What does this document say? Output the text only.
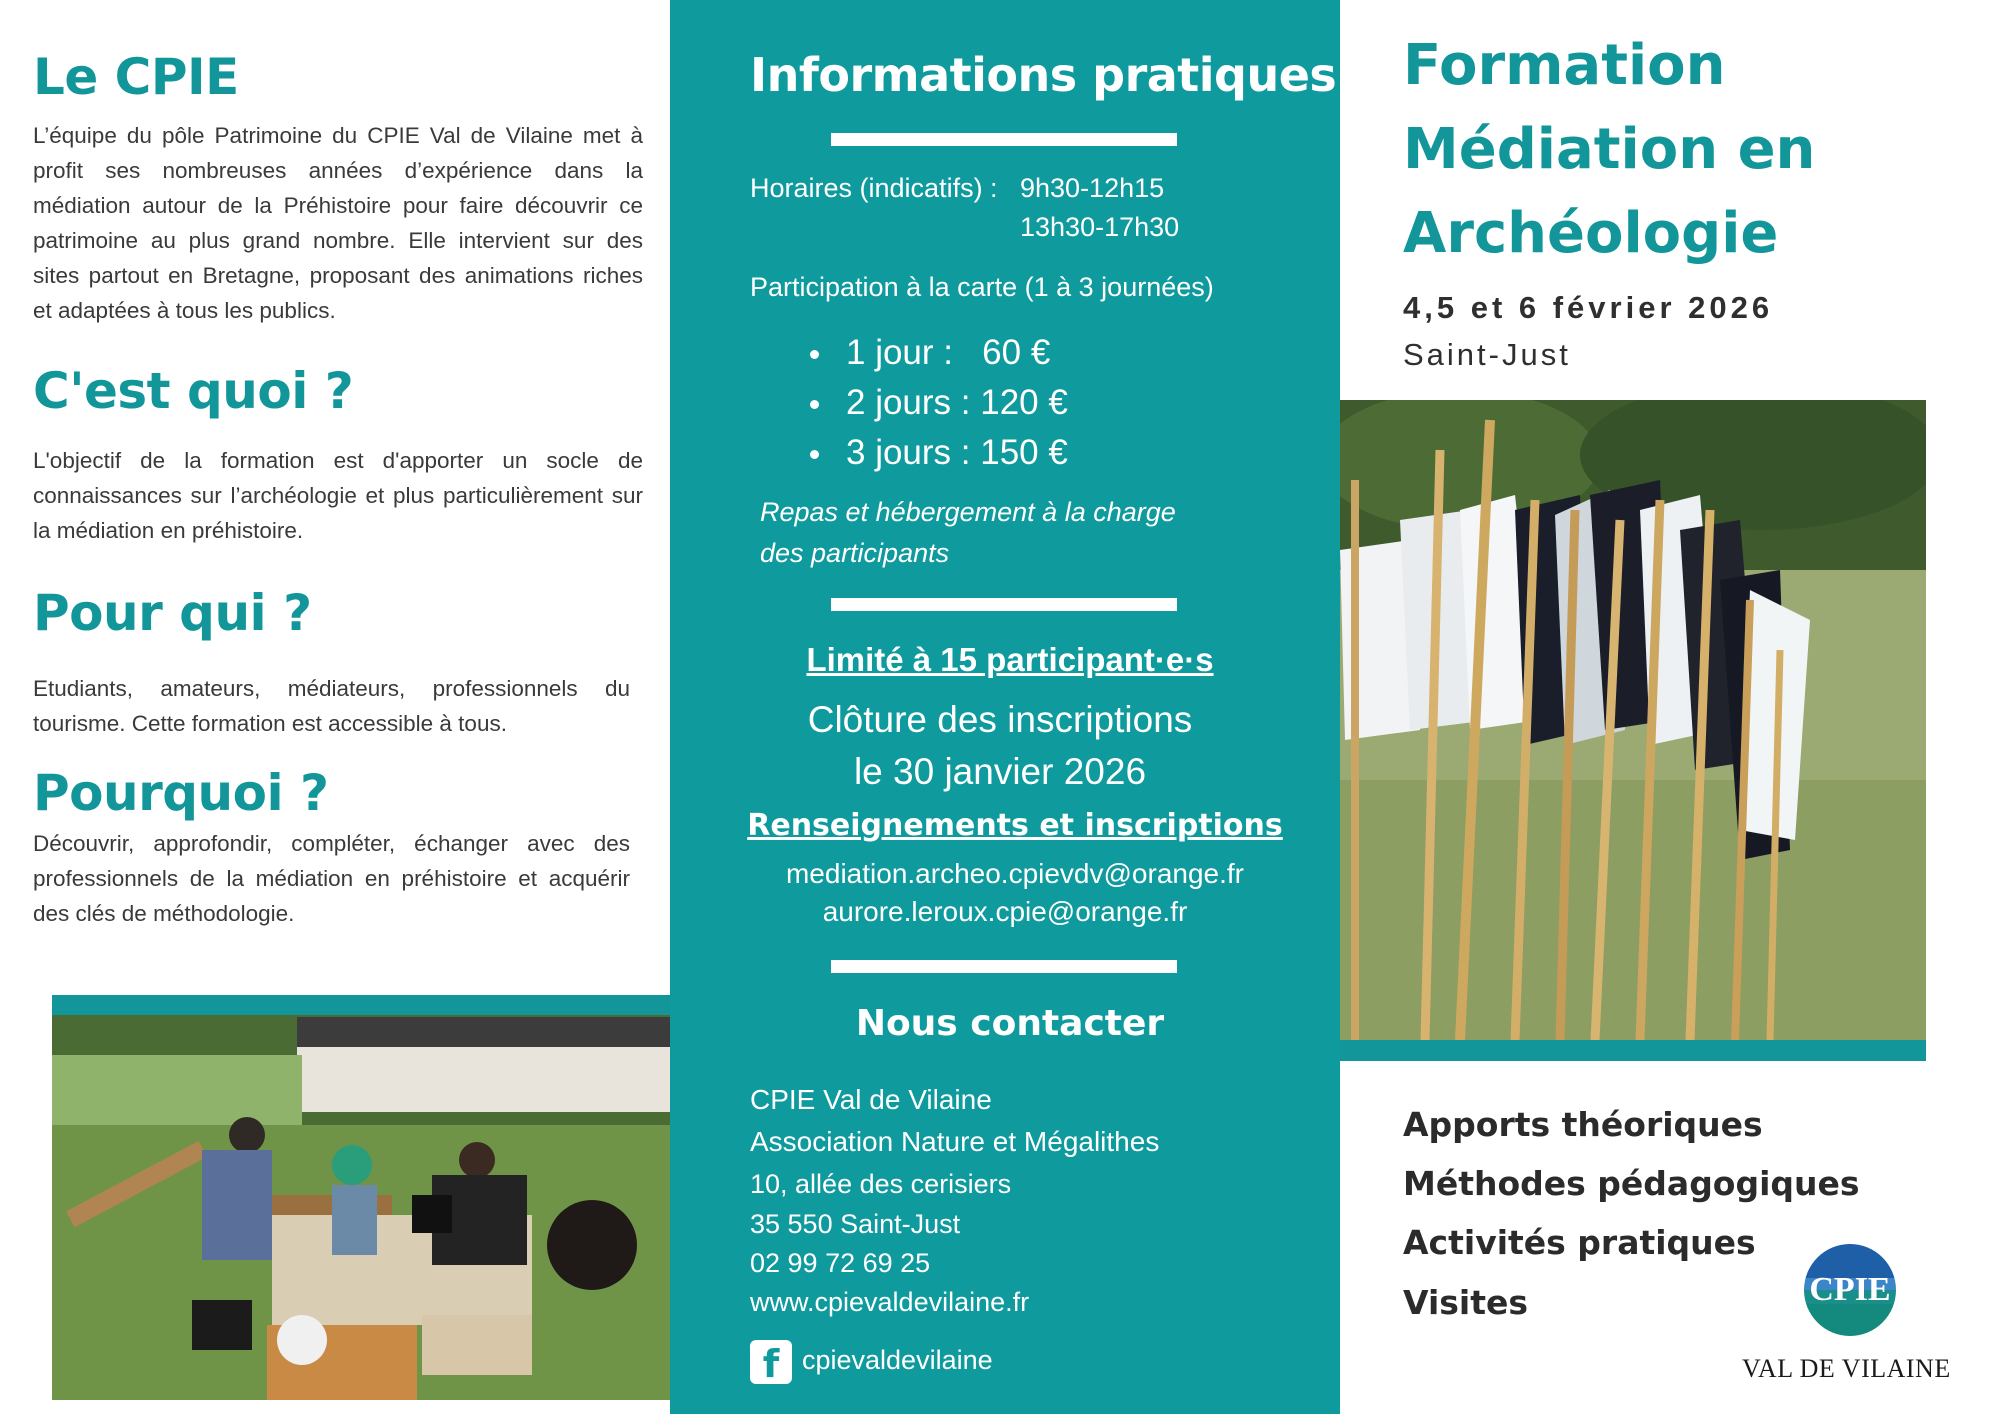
Le CPIE

L’équipe du pôle Patrimoine du CPIE Val de Vilaine met à profit ses nombreuses années d’expérience dans la médiation autour de la Préhistoire pour faire découvrir ce patrimoine au plus grand nombre. Elle intervient sur des sites partout en Bretagne, proposant des animations riches et adaptées à tous les publics.

C'est quoi ?

L'objectif de la formation est d'apporter un socle de connaissances sur l’archéologie et plus particulièrement sur la médiation en préhistoire.

Pour qui ?

Etudiants, amateurs, médiateurs, professionnels du tourisme. Cette formation est accessible à tous.

Pourquoi ?

Découvrir, approfondir, compléter, échanger avec des professionnels de la médiation en préhistoire et acquérir des clés de méthodologie.

Informations pratiques
Horaires (indicatifs) : 9h30-12h15
13h30-17h30
Participation à la carte (1 à 3 journées)
1 jour :   60 €
2 jours : 120 €
3 jours : 150 €
Repas et hébergement à la charge
des participants
Limité à 15 participant·e·s
Clôture des inscriptions
le 30 janvier 2026
Renseignements et inscriptions
mediation.archeo.cpievdv@orange.fr
aurore.leroux.cpie@orange.fr
Nous contacter
CPIE Val de Vilaine
Association Nature et Mégalithes
10, allée des cerisiers
35 550 Saint-Just
02 99 72 69 25
www.cpievaldevilaine.fr
f cpievaldevilaine
Formation
Médiation en
Archéologie
4,5 et 6 février 2026
Saint-Just
Apports théoriques
Méthodes pédagogiques
Activités pratiques
Visites	CPIE
VAL DE VILAINE
